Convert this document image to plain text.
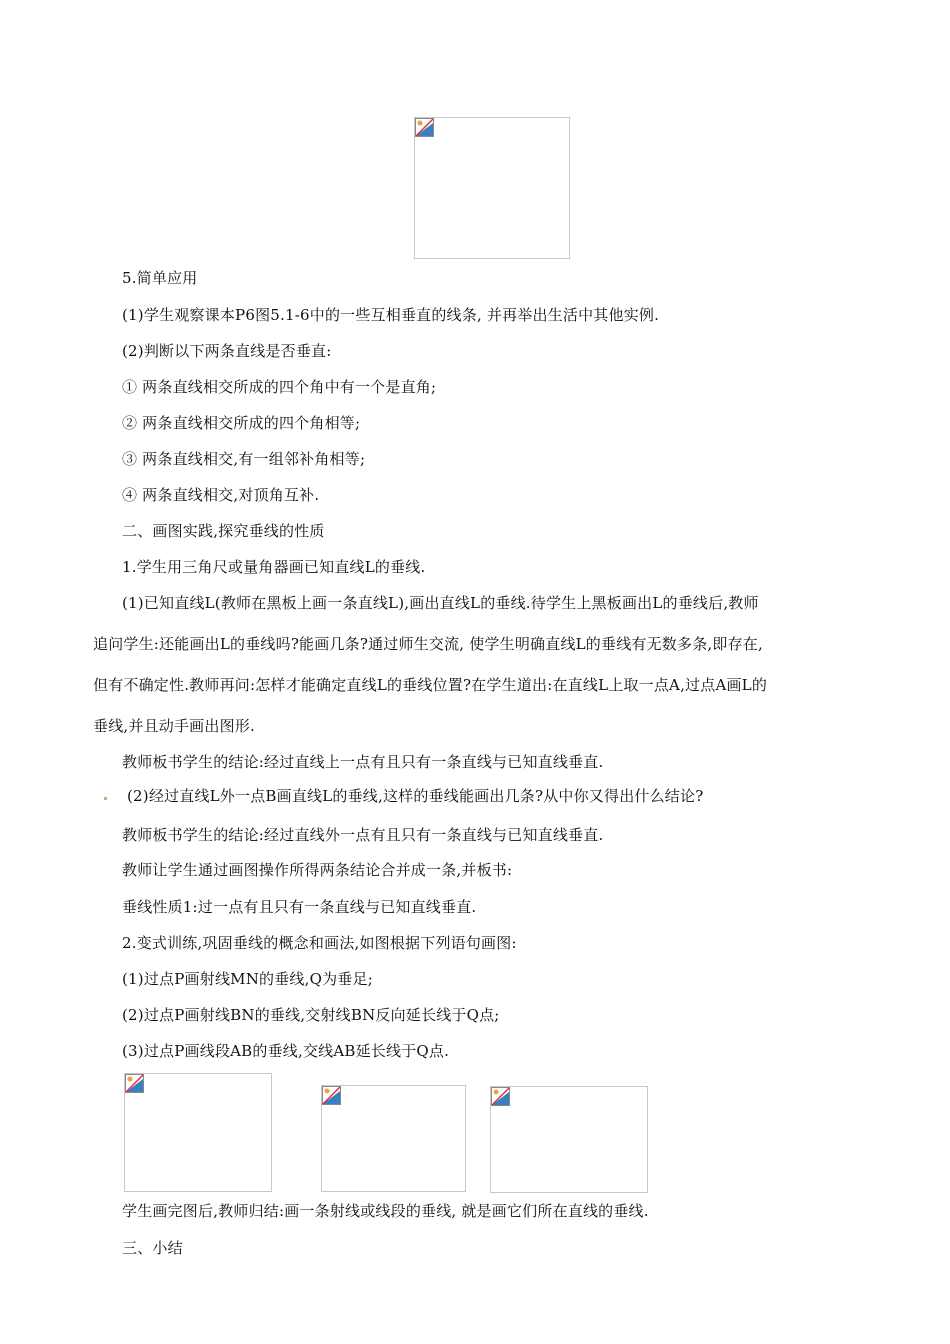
5.简单应用
(1)学生观察课本P6图5.1-6中的一些互相垂直的线条, 并再举出生活中其他实例.
(2)判断以下两条直线是否垂直:
① 两条直线相交所成的四个角中有一个是直角;
② 两条直线相交所成的四个角相等;
③ 两条直线相交,有一组邻补角相等;
④ 两条直线相交,对顶角互补.
二、画图实践,探究垂线的性质
1.学生用三角尺或量角器画已知直线L的垂线.
(1)已知直线L(教师在黑板上画一条直线L),画出直线L的垂线.待学生上黑板画出L的垂线后,教师
追问学生:还能画出L的垂线吗?能画几条?通过师生交流, 使学生明确直线L的垂线有无数多条,即存在,
但有不确定性.教师再问:怎样才能确定直线L的垂线位置?在学生道出:在直线L上取一点A,过点A画L的
垂线,并且动手画出图形.
教师板书学生的结论:经过直线上一点有且只有一条直线与已知直线垂直.
(2)经过直线L外一点B画直线L的垂线,这样的垂线能画出几条?从中你又得出什么结论?
教师板书学生的结论:经过直线外一点有且只有一条直线与已知直线垂直.
教师让学生通过画图操作所得两条结论合并成一条,并板书:
垂线性质1:过一点有且只有一条直线与已知直线垂直.
2.变式训练,巩固垂线的概念和画法,如图根据下列语句画图:
(1)过点P画射线MN的垂线,Q为垂足;
(2)过点P画射线BN的垂线,交射线BN反向延长线于Q点;
(3)过点P画线段AB的垂线,交线AB延长线于Q点.
学生画完图后,教师归结:画一条射线或线段的垂线, 就是画它们所在直线的垂线.
三、小结
